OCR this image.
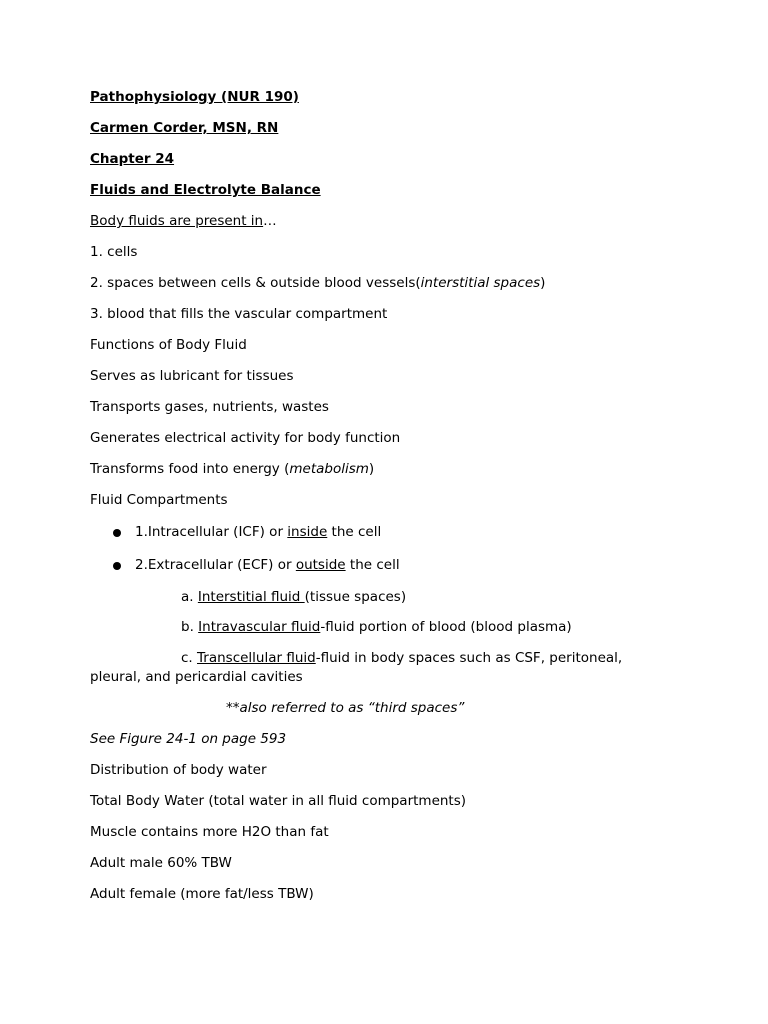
Pathophysiology (NUR 190)
Carmen Corder, MSN, RN
Chapter 24
Fluids and Electrolyte Balance
Body fluids are present in…
1. cells
2. spaces between cells & outside blood vessels(interstitial spaces)
3. blood that fills the vascular compartment
Functions of Body Fluid
Serves as lubricant for tissues
Transports gases, nutrients, wastes
Generates electrical activity for body function
Transforms food into energy (metabolism)
Fluid Compartments
1.Intracellular (ICF) or inside the cell
2.Extracellular (ECF) or outside the cell
a. Interstitial fluid (tissue spaces)
b. Intravascular fluid-fluid portion of blood (blood plasma)
c. Transcellular fluid-fluid in body spaces such as CSF, peritoneal,
pleural, and pericardial cavities
**also referred to as “third spaces”
See Figure 24-1 on page 593
Distribution of body water
Total Body Water (total water in all fluid compartments)
Muscle contains more H2O than fat
Adult male 60% TBW
Adult female (more fat/less TBW)
